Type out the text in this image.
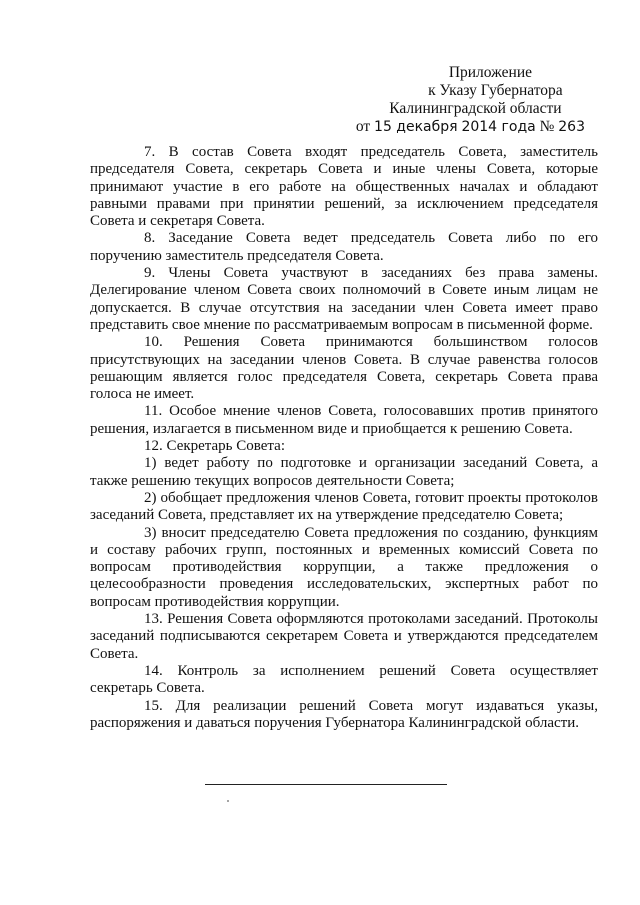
Приложение
к Указу Губернатора
Калининградской области
от 15 декабря 2014 года № 263

7. В состав Совета входят председатель Совета, заместитель председателя Совета, секретарь Совета и иные члены Совета, которые принимают участие в его работе на общественных началах и обладают равными правами при принятии решений, за исключением председателя Совета и секретаря Совета.

8. Заседание Совета ведет председатель Совета либо по его поручению заместитель председателя Совета.

9. Члены Совета участвуют в заседаниях без права замены. Делегирование членом Совета своих полномочий в Совете иным лицам не допускается. В случае отсутствия на заседании член Совета имеет право представить свое мнение по рассматриваемым вопросам в письменной форме.

10. Решения Совета принимаются большинством голосов присутствующих на заседании членов Совета. В случае равенства голосов решающим является голос председателя Совета, секретарь Совета права голоса не имеет.

11. Особое мнение членов Совета, голосовавших против принятого решения, излагается в письменном виде и приобщается к решению Совета.

12. Секретарь Совета:

1) ведет работу по подготовке и организации заседаний Совета, а также решению текущих вопросов деятельности Совета;

2) обобщает предложения членов Совета, готовит проекты протоколов заседаний Совета, представляет их на утверждение председателю Совета;

3) вносит председателю Совета предложения по созданию, функциям и составу рабочих групп, постоянных и временных комиссий Совета по вопросам противодействия коррупции, а также предложения о целесообразности проведения исследовательских, экспертных работ по вопросам противодействия коррупции.

13. Решения Совета оформляются протоколами заседаний. Протоколы заседаний подписываются секретарем Совета и утверждаются председателем Совета.

14. Контроль за исполнением решений Совета осуществляет секретарь Совета.

15. Для реализации решений Совета могут издаваться указы, распоряжения и даваться поручения Губернатора Калининградской области.
